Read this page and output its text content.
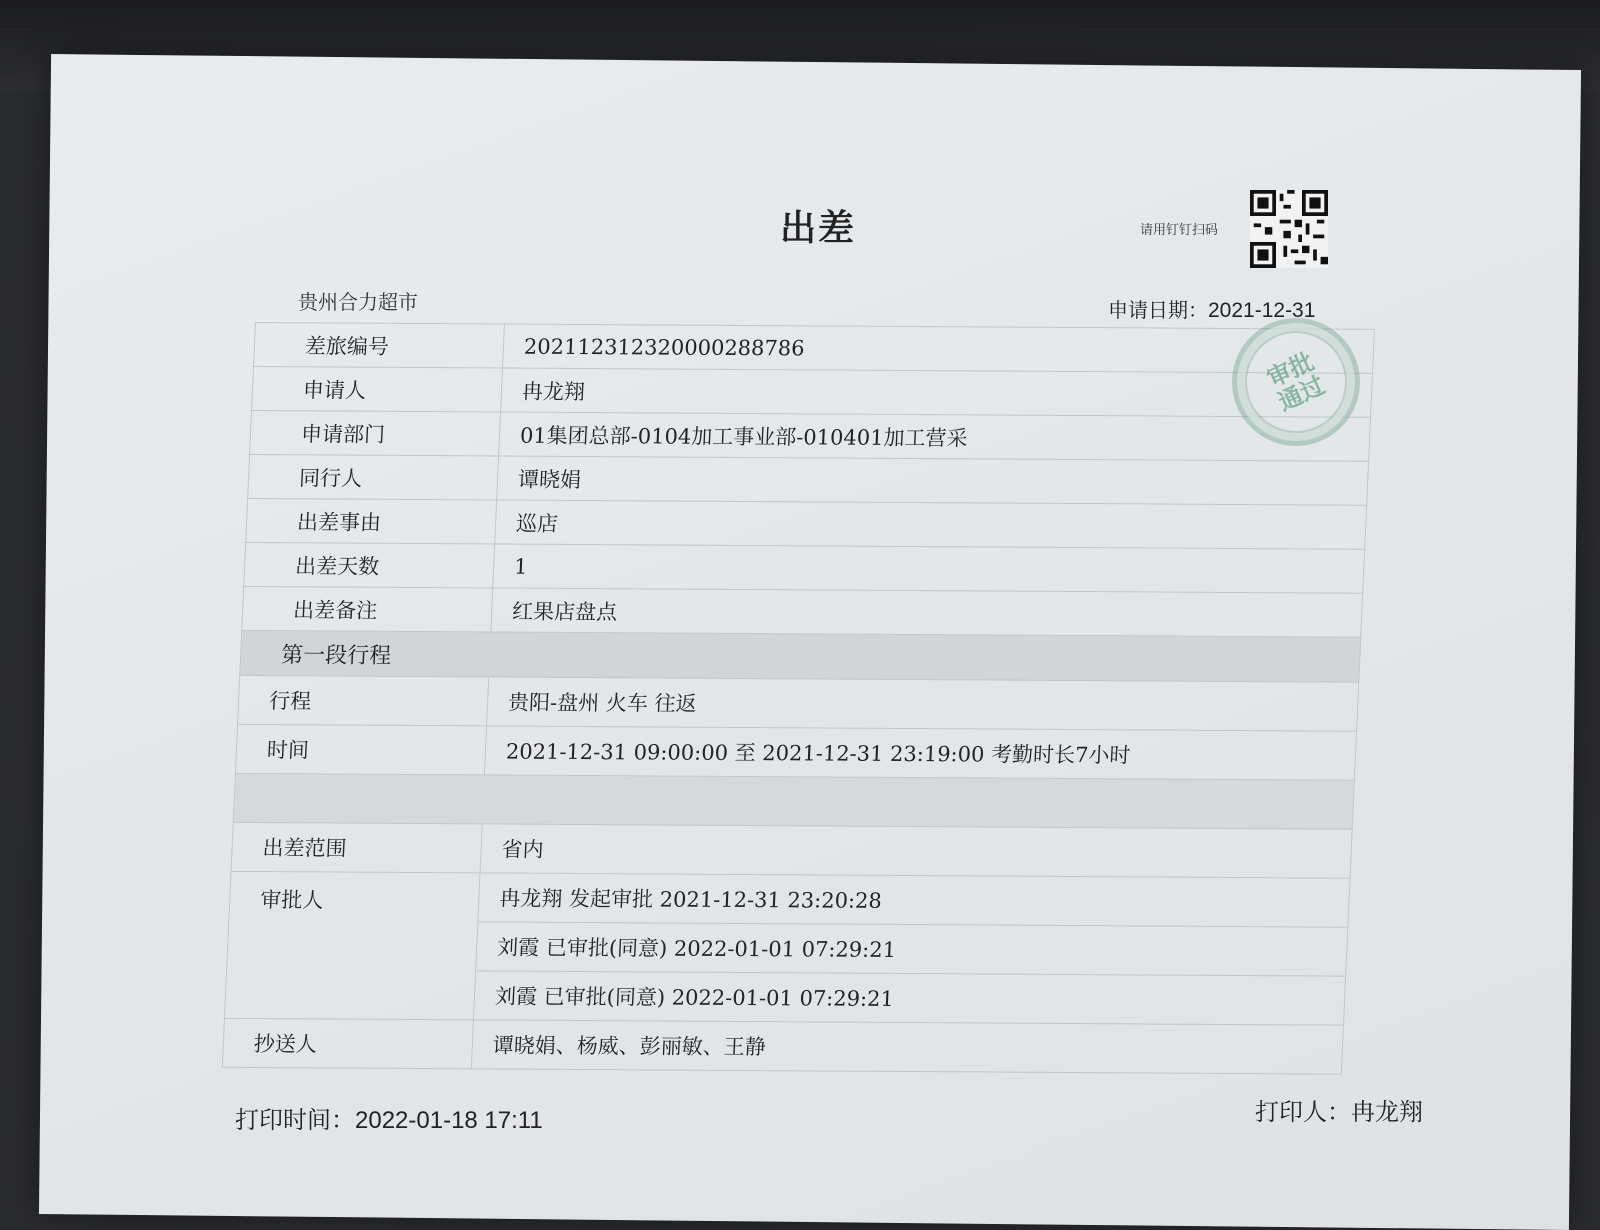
出差	请用钉钉扫码
贵州合力超市	申请日期：2021-12-31
差旅编号	202112312320000288786
申请人	冉龙翔
申请部门	01集团总部-0104加工事业部-010401加工营采
同行人	谭晓娟
出差事由	巡店
出差天数	1
出差备注	红果店盘点
第一段行程	
行程	贵阳-盘州 火车 往返
时间	2021-12-31 09:00:00 至 2021-12-31 23:19:00 考勤时长7小时

出差范围	省内
审批人	冉龙翔 发起审批 2021-12-31 23:20:28
	刘霞 已审批(同意) 2022-01-01 07:29:21
	刘霞 已审批(同意) 2022-01-01 07:29:21
抄送人	谭晓娟、杨威、彭丽敏、王静
审批通过
打印时间：2022-01-18 17:11	打印人：冉龙翔
